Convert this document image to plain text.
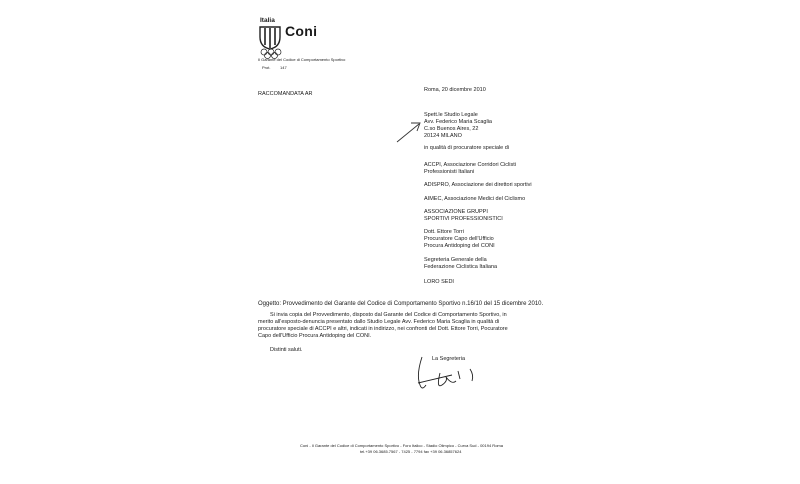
Italia
Coni
Il Garante del Codice di Comportamento Sportivo
Prot. 147
RACCOMANDATA AR
Roma, 20 dicembre 2010
Spett.le Studio Legale
Avv. Federico Maria Scaglia
C.so Buenos Aires, 22
20124 MILANO
in qualità di procuratore speciale di
ACCPI, Associazione Corridori Ciclisti
Professionisti Italiani
ADISPRO, Associazione dei direttori sportivi
AIMEC, Associazione Medici del Ciclismo
ASSOCIAZIONE GRUPPI
SPORTIVI PROFESSIONISTICI
Dott. Ettore Torri
Procuratore Capo dell'Ufficio
Procura Antidoping del CONI
Segreteria Generale della
Federazione Ciclistica Italiana
LORO SEDI
Oggetto: Provvedimento del Garante del Codice di Comportamento Sportivo n.16/10 del 15 dicembre 2010.
Si invia copia del Provvedimento, disposto dal Garante del Codice di Comportamento Sportivo, in
merito all'esposto-denuncia presentato dallo Studio Legale Avv. Federico Maria Scaglia in qualità di
procuratore speciale di ACCPI e altri, indicati in indirizzo, nei confronti del Dott. Ettore Torri, Pocuratore
Capo dell'Ufficio Procura Antidoping del CONI.
Distinti saluti.
La Segreteria
Coni - Il Garante del Codice di Comportamento Sportivo - Foro Italico - Stadio Olimpico - Curva Sud - 00194 Roma
tel.+39 06.3685.7567 - 7425 - 7794 fax +39 06.36857624
